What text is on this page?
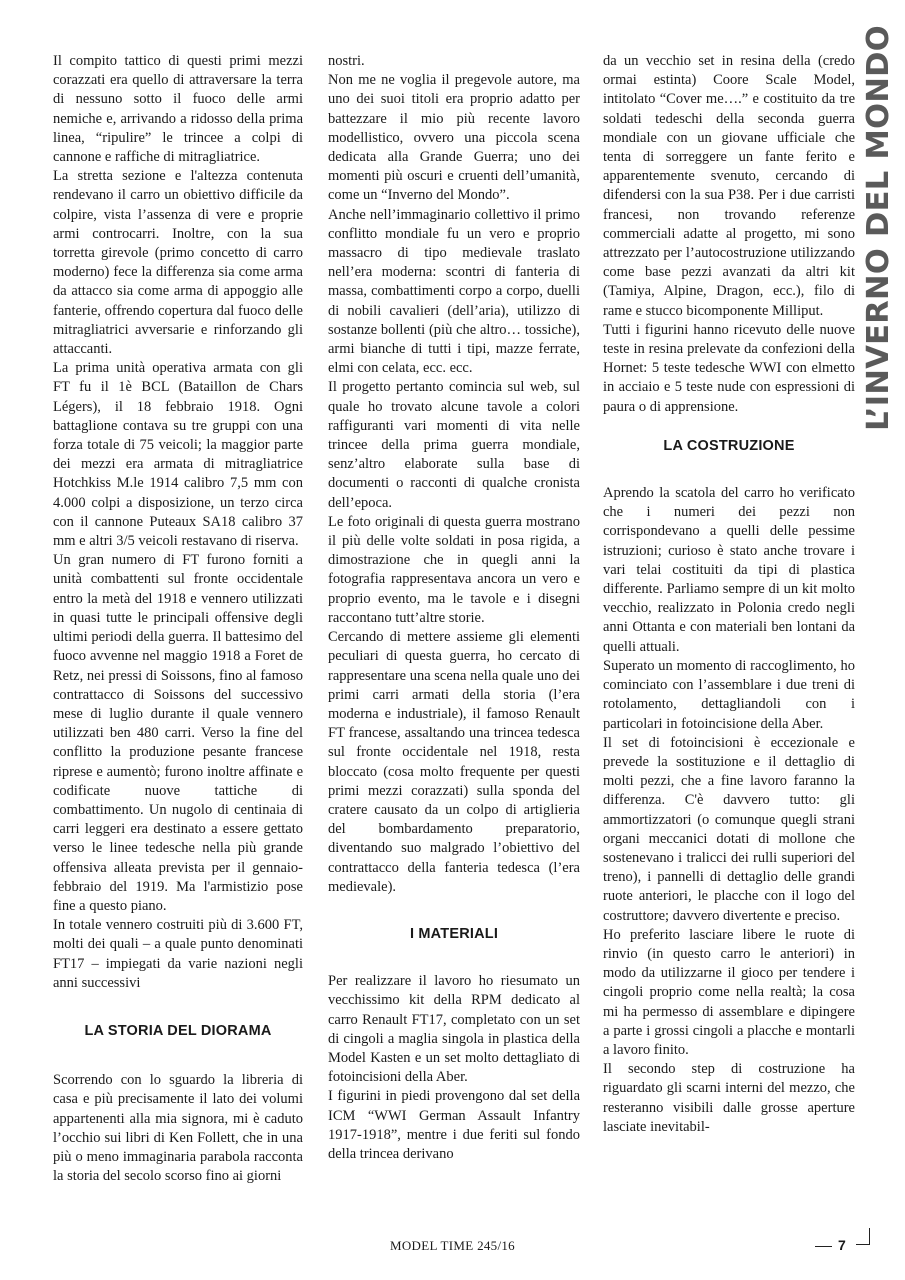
Il compito tattico di questi primi mezzi corazzati era quello di attraversare la terra di nessuno sotto il fuoco delle armi nemiche e, arrivando a ridosso della prima linea, “ripulire” le trincee a colpi di cannone e raffiche di mitragliatrice.

La stretta sezione e l'altezza contenuta rendevano il carro un obiettivo difficile da colpire, vista l’assenza di vere e proprie armi controcarri. Inoltre, con la sua torretta girevole (primo concetto di carro moderno) fece la differenza sia come arma da attacco sia come arma di appoggio alle fanterie, offrendo copertura dal fuoco delle mitragliatrici avversarie e rinforzando gli attaccanti.

La prima unità operativa armata con gli FT fu il 1è BCL (Bataillon de Chars Légers), il 18 febbraio 1918. Ogni battaglione contava su tre gruppi con una forza totale di 75 veicoli; la maggior parte dei mezzi era armata di mitragliatrice Hotchkiss M.le 1914 calibro 7,5 mm con 4.000 colpi a disposizione, un terzo circa con il cannone Puteaux SA18 calibro 37 mm e altri 3/5 veicoli restavano di riserva.

Un gran numero di FT furono forniti a unità combattenti sul fronte occidentale entro la metà del 1918 e vennero utilizzati in quasi tutte le principali offensive degli ultimi periodi della guerra. Il battesimo del fuoco avvenne nel maggio 1918 a Foret de Retz, nei pressi di Soissons, fino al famoso contrattacco di Soissons del successivo mese di luglio durante il quale vennero utilizzati ben 480 carri. Verso la fine del conflitto la produzione pesante francese riprese e aumentò; furono inoltre affinate e codificate nuove tattiche di combattimento. Un nugolo di centinaia di carri leggeri era destinato a essere gettato verso le linee tedesche nella più grande offensiva alleata prevista per il gennaio-febbraio del 1919. Ma l'armistizio pose fine a questo piano.

In totale vennero costruiti più di 3.600 FT, molti dei quali – a quale punto denominati FT17 – impiegati da varie nazioni negli anni successivi

LA STORIA DEL DIORAMA

Scorrendo con lo sguardo la libreria di casa e più precisamente il lato dei volumi appartenenti alla mia signora, mi è caduto l’occhio sui libri di Ken Follett, che in una più o meno immaginaria parabola racconta la storia del secolo scorso fino ai giorni

nostri.

Non me ne voglia il pregevole autore, ma uno dei suoi titoli era proprio adatto per battezzare il mio più recente lavoro modellistico, ovvero una piccola scena dedicata alla Grande Guerra; uno dei momenti più oscuri e cruenti dell’umanità, come un “Inverno del Mondo”.

Anche nell’immaginario collettivo il primo conflitto mondiale fu un vero e proprio massacro di tipo medievale traslato nell’era moderna: scontri di fanteria di massa, combattimenti corpo a corpo, duelli di nobili cavalieri (dell’aria), utilizzo di sostanze bollenti (più che altro… tossiche), armi bianche di tutti i tipi, mazze ferrate, elmi con celata, ecc. ecc.

Il progetto pertanto comincia sul web, sul quale ho trovato alcune tavole a colori raffiguranti vari momenti di vita nelle trincee della prima guerra mondiale, senz’altro elaborate sulla base di documenti o racconti di qualche cronista dell’epoca.

Le foto originali di questa guerra mostrano il più delle volte soldati in posa rigida, a dimostrazione che in quegli anni la fotografia rappresentava ancora un vero e proprio evento, ma le tavole e i disegni raccontano tutt’altre storie.

Cercando di mettere assieme gli elementi peculiari di questa guerra, ho cercato di rappresentare una scena nella quale uno dei primi carri armati della storia (l’era moderna e industriale), il famoso Renault FT francese, assaltando una trincea tedesca sul fronte occidentale nel 1918, resta bloccato (cosa molto frequente per questi primi mezzi corazzati) sulla sponda del cratere causato da un colpo di artiglieria del bombardamento preparatorio, diventando suo malgrado l’obiettivo del contrattacco della fanteria tedesca (l’era medievale).

I MATERIALI

Per realizzare il lavoro ho riesumato un vecchissimo kit della RPM dedicato al carro Renault FT17, completato con un set di cingoli a maglia singola in plastica della Model Kasten e un set molto dettagliato di fotoincisioni della Aber.

I figurini in piedi provengono dal set della ICM “WWI German Assault Infantry 1917-1918”, mentre i due feriti sul fondo della trincea derivano

da un vecchio set in resina della (credo ormai estinta) Coore Scale Model, intitolato “Cover me….” e costituito da tre soldati tedeschi della seconda guerra mondiale con un giovane ufficiale che tenta di sorreggere un fante ferito e apparentemente svenuto, cercando di difendersi con la sua P38. Per i due carristi francesi, non trovando referenze commerciali adatte al progetto, mi sono attrezzato per l’autocostruzione utilizzando come base pezzi avanzati da altri kit (Tamiya, Alpine, Dragon, ecc.), filo di rame e stucco bicomponente Milliput.

Tutti i figurini hanno ricevuto delle nuove teste in resina prelevate da confezioni della Hornet: 5 teste tedesche WWI con elmetto in acciaio e 5 teste nude con espressioni di paura o di apprensione.

LA COSTRUZIONE

Aprendo la scatola del carro ho verificato che i numeri dei pezzi non corrispondevano a quelli delle pessime istruzioni; curioso è stato anche trovare i vari telai costituiti da tipi di plastica differente. Parliamo sempre di un kit molto vecchio, realizzato in Polonia credo negli anni Ottanta e con materiali ben lontani da quelli attuali.

Superato un momento di raccoglimento, ho cominciato con l’assemblare i due treni di rotolamento, dettagliandoli con i particolari in fotoincisione della Aber.

Il set di fotoincisioni è eccezionale e prevede la sostituzione e il dettaglio di molti pezzi, che a fine lavoro faranno la differenza. C'è davvero tutto: gli ammortizzatori (o comunque quegli strani organi meccanici dotati di mollone che sostenevano i tralicci dei rulli superiori del treno), i pannelli di dettaglio delle grandi ruote anteriori, le placche con il logo del costruttore; davvero divertente e preciso.

Ho preferito lasciare libere le ruote di rinvio (in questo carro le anteriori) in modo da utilizzarne il gioco per tendere i cingoli proprio come nella realtà; la cosa mi ha permesso di assemblare e dipingere a parte i grossi cingoli a placche e montarli a lavoro finito.

Il secondo step di costruzione ha riguardato gli scarni interni del mezzo, che resteranno visibili dalle grosse aperture lasciate inevitabil-

L’INVERNO DEL MONDO
MODEL TIME 245/16	7
